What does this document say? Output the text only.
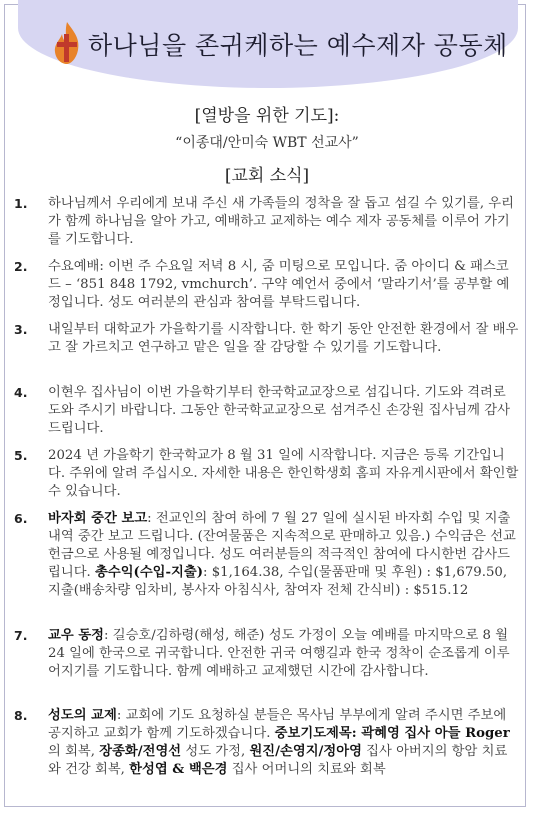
하나님을 존귀케하는 예수제자 공동체
[열방을 위한 기도]:
“이종대/안미숙 WBT 선교사”
[교회 소식]
1.	하나님께서 우리에게 보내 주신 새 가족들의 정착을 잘 돕고 섬길 수 있기를, 우리가 함께 하나님을 알아 가고, 예배하고 교제하는 예수 제자 공동체를 이루어 가기를 기도합니다.
2.	수요예배: 이번 주 수요일 저녁 8 시, 줌 미팅으로 모입니다. 줌 아이디 & 패스코드 – ‘851 848 1792, vmchurch’. 구약 예언서 중에서 ‘말라기서’를 공부할 예정입니다. 성도 여러분의 관심과 참여를 부탁드립니다.
3.	내일부터 대학교가 가을학기를 시작합니다. 한 학기 동안 안전한 환경에서 잘 배우고 잘 가르치고 연구하고 맡은 일을 잘 감당할 수 있기를 기도합니다.
4.	이현우 집사님이 이번 가을학기부터 한국학교교장으로 섬깁니다. 기도와 격려로 도와 주시기 바랍니다. 그동안 한국학교교장으로 섬겨주신 손강원 집사님께 감사드립니다.
5.	2024 년 가을학기 한국학교가 8 월 31 일에 시작합니다. 지금은 등록 기간입니다. 주위에 알려 주십시오. 자세한 내용은 한인학생회 홈피 자유게시판에서 확인할 수 있습니다.
6.	바자회 중간 보고: 전교인의 참여 하에 7 월 27 일에 실시된 바자회 수입 및 지출내역 중간 보고 드립니다. (잔여물품은 지속적으로 판매하고 있음.) 수익금은 선교헌금으로 사용될 예정입니다. 성도 여러분들의 적극적인 참여에 다시한번 감사드립니다. 총수익(수입-지출): $1,164.38, 수입(물품판매 및 후원) : $1,679.50, 지출(배송차량 임차비, 봉사자 아침식사, 참여자 전체 간식비) : $515.12
7.	교우 동정: 길승호/김하령(해성, 해준) 성도 가정이 오늘 예배를 마지막으로 8 월 24 일에 한국으로 귀국합니다. 안전한 귀국 여행길과 한국 정착이 순조롭게 이루어지기를 기도합니다. 함께 예배하고 교제했던 시간에 감사합니다.
8.	성도의 교제: 교회에 기도 요청하실 분들은 목사님 부부에게 알려 주시면 주보에 공지하고 교회가 함께 기도하겠습니다. 중보기도제목: 곽혜영 집사 아들 Roger 의 회복, 장종화/전영선 성도 가정, 원진/손영지/정아영 집사 아버지의 항암 치료와 건강 회복, 한성엽 & 백은경 집사 어머니의 치료와 회복
